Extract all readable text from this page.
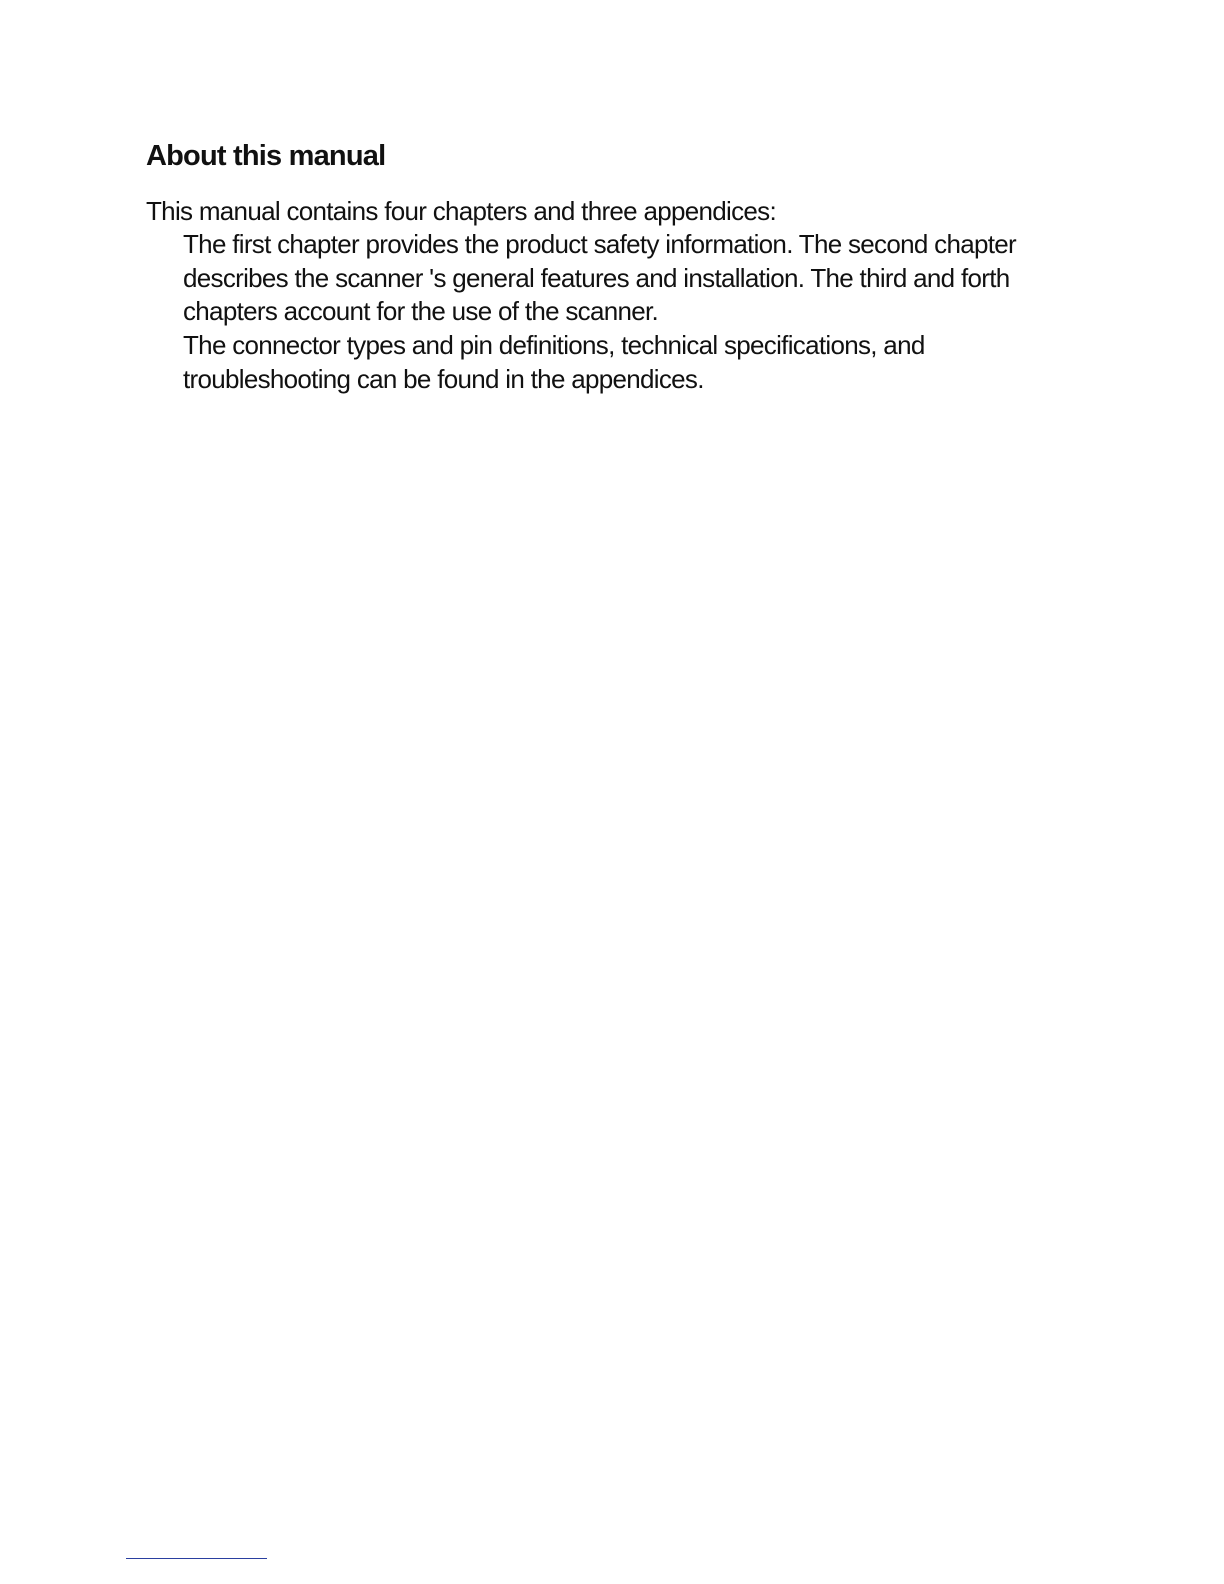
About this manual

This manual contains four chapters and three appendices:

The first chapter provides the product safety information. The second chapter
describes the scanner 's general features and installation. The third and forth
chapters account for the use of the scanner.

The connector types and pin definitions, technical specifications, and
troubleshooting can be found in the appendices.
